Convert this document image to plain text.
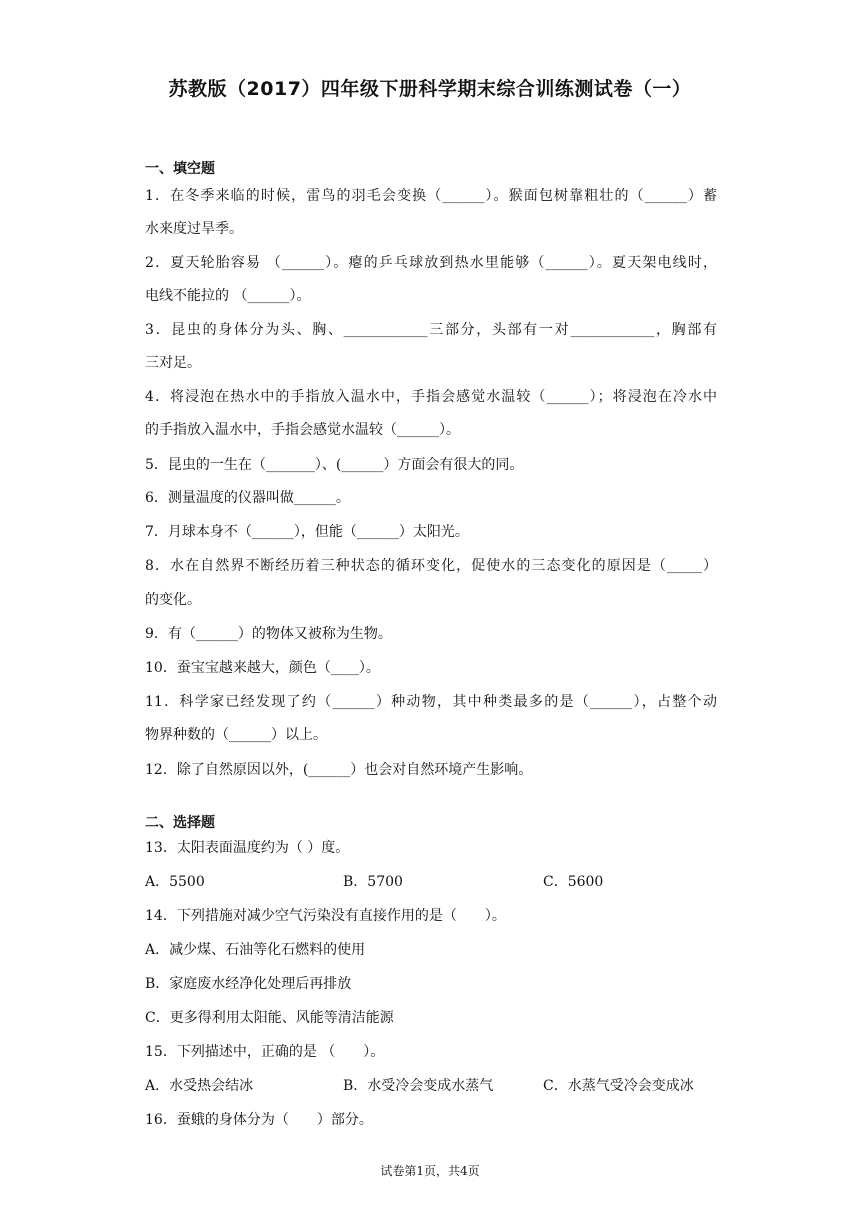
苏教版（2017）四年级下册科学期末综合训练测试卷（一）
一、填空题
1．在冬季来临的时候，雷鸟的羽毛会变换（______）。猴面包树靠粗壮的（______）蓄
水来度过旱季。
2．夏天轮胎容易 （______）。瘪的乒乓球放到热水里能够（______）。夏天架电线时，
电线不能拉的 （______）。
3．昆虫的身体分为头、胸、____________三部分，头部有一对____________，胸部有
三对足。
4．将浸泡在热水中的手指放入温水中，手指会感觉水温较（______）；将浸泡在冷水中
的手指放入温水中，手指会感觉水温较（______）。
5．昆虫的一生在（_______）、(______）方面会有很大的同。
6．测量温度的仪器叫做______。
7．月球本身不（______），但能（______）太阳光。
8．水在自然界不断经历着三种状态的循环变化，促使水的三态变化的原因是（_____）
的变化。
9．有（______）的物体又被称为生物。
10．蚕宝宝越来越大，颜色（____）。
11．科学家已经发现了约（______）种动物，其中种类最多的是（______），占整个动
物界种数的（______）以上。
12．除了自然原因以外，(______）也会对自然环境产生影响。
二、选择题
13．太阳表面温度约为（ ）度。
A．5500	B．5700	C．5600
14．下列措施对减少空气污染没有直接作用的是（　　）。
A．减少煤、石油等化石燃料的使用
B．家庭废水经净化处理后再排放
C．更多得利用太阳能、风能等清洁能源
15．下列描述中，正确的是 （　　）。
A．水受热会结冰	B．水受冷会变成水蒸气	C．水蒸气受冷会变成冰
16．蚕蛾的身体分为（　　）部分。
试卷第1页，共4页
